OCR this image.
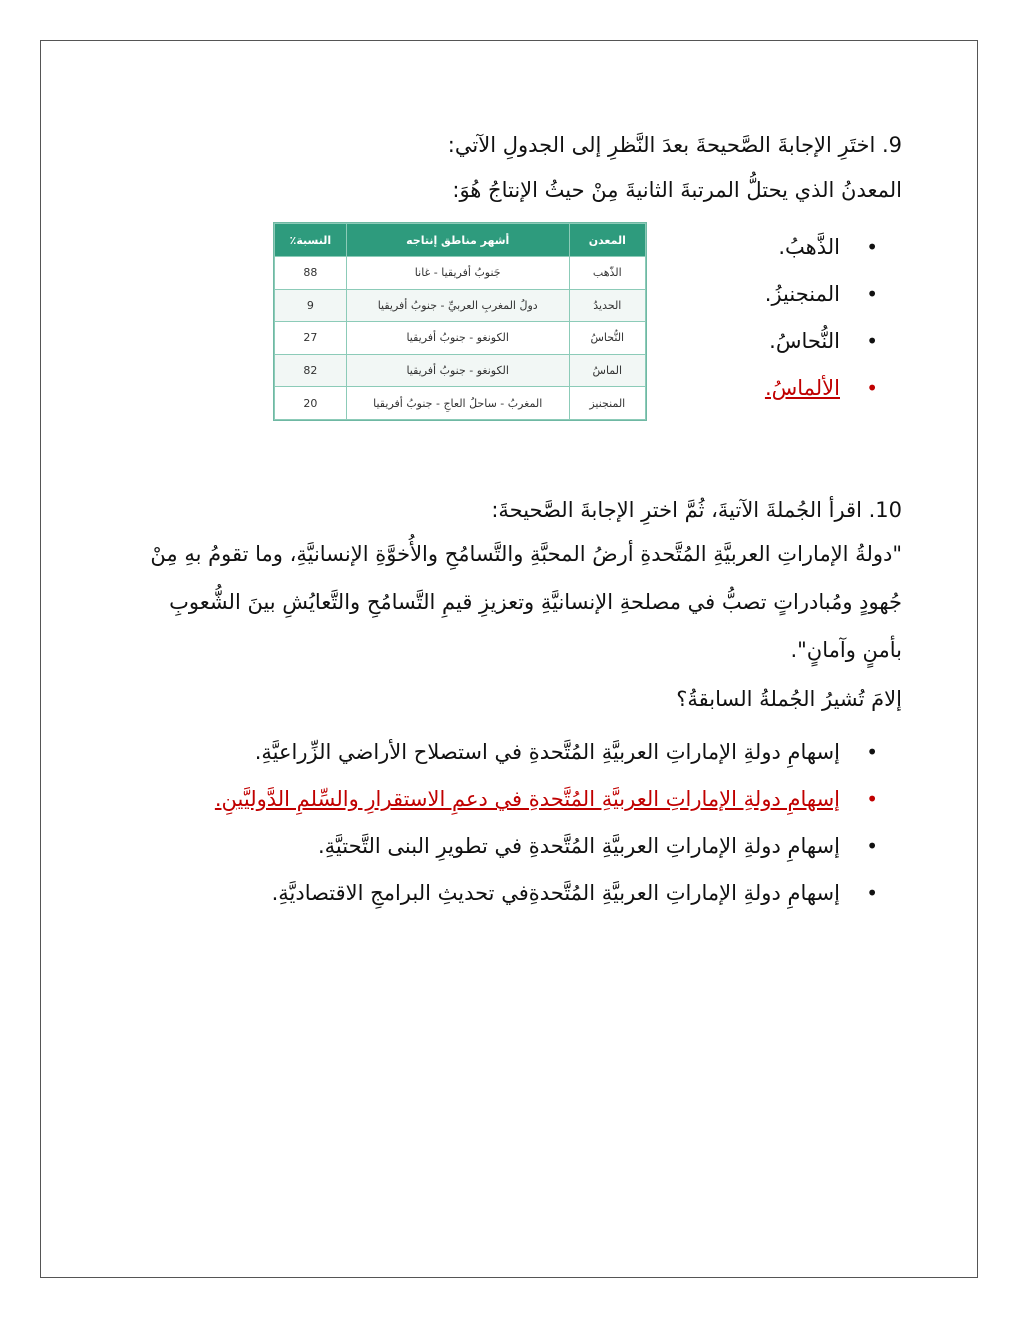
9. اختَرِ الإجابةَ الصَّحيحةَ بعدَ النَّظرِ إلى الجدولِ الآتي:
المعدنُ الذي يحتلُّ المرتبةَ الثانيةَ مِنْ حيثُ الإنتاجُ هُوَ:
•
الذَّهبُ.
•
المنجنيزُ.
•
النُّحاسُ.
•
الألماسُ.
المعدن	أشهر مناطق إنتاجه	النسبة٪
الذّهب	جَنوبُ أفريقيا - غانا	88
الحديدُ	دولُ المغربِ العربيِّ - جنوبُ أفريقيا	9
النُّحاسُ	الكونغو - جنوبُ أفريقيا	27
الماسُ	الكونغو - جنوبُ أفريقيا	82
المنجنيز	المغربُ - ساحلُ العاجِ - جنوبُ أفريقيا	20
10. اقرأ الجُملةَ الآتيةَ، ثُمَّ اخترِ الإجابةَ الصَّحيحةَ:
"دولةُ الإماراتِ العربيَّةِ المُتَّحدةِ أرضُ المحبَّةِ والتَّسامُحِ والأُخوَّةِ الإنسانيَّةِ، وما تقومُ بهِ مِنْ جُهودٍ ومُبادراتٍ تصبُّ في مصلحةِ الإنسانيَّةِ وتعزيزِ قيمِ التَّسامُحِ والتَّعايُشِ بينَ الشُّعوبِ بأمنٍ وآمانٍ".
إلامَ تُشيرُ الجُملةُ السابقةُ؟
•
إسهامِ دولةِ الإماراتِ العربيَّةِ المُتَّحدةِ في استصلاح الأراضي الزِّراعيَّةِ.
•
إسهامِ دولةِ الإماراتِ العربيَّةِ المُتَّحدةِ في دعمِ الاستقرارِ والسِّلمِ الدَّوليَّينِ.
•
إسهامِ دولةِ الإماراتِ العربيَّةِ المُتَّحدةِ في تطويرِ البنى التَّحتيَّةِ.
•
إسهامِ دولةِ الإماراتِ العربيَّةِ المُتَّحدةِفي تحديثِ البرامجِ الاقتصاديَّةِ.
